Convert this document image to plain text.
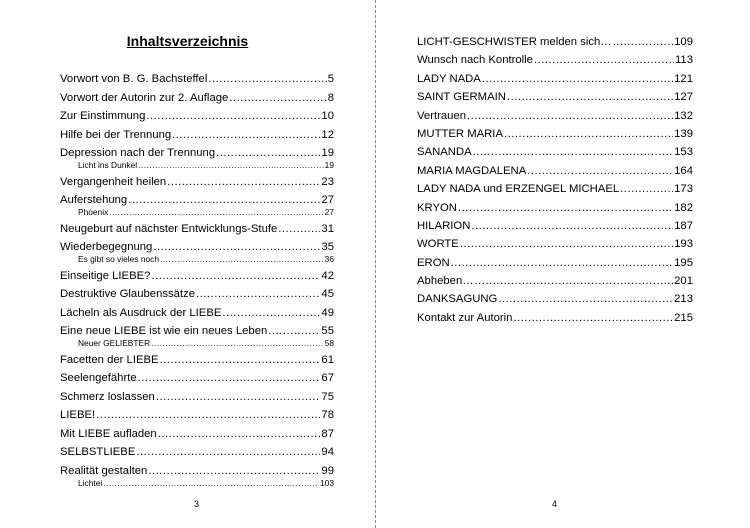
Inhaltsverzeichnis
Vorwort von B. G. Bachsteffel .....	5
Vorwort der Autorin zur 2. Auflage .....	8
Zur Einstimmung .....	10
Hilfe bei der Trennung .....	12
Depression nach der Trennung .....	19
Licht ins Dunkel .....	19
Vergangenheit heilen .....	23
Auferstehung .....	27
Phoenix .....	27
Neugeburt auf nächster Entwicklungs-Stufe .....	31
Wiederbegegnung .....	35
Es gibt so vieles noch .....	36
Einseitige LIEBE? .....	42
Destruktive Glaubenssätze .....	45
Lächeln als Ausdruck der LIEBE .....	49
Eine neue LIEBE ist wie ein neues Leben .....	55
Neuer GELIEBTER .....	58
Facetten der LIEBE .....	61
Seelengefährte .....	67
Schmerz loslassen .....	75
LIEBE! .....	78
Mit LIEBE aufladen .....	87
SELBSTLIEBE .....	94
Realität gestalten .....	99
Lichtei .....	103
3
LICHT-GESCHWISTER melden sich… .....	109
Wunsch nach Kontrolle .....	113
LADY NADA .....	121
SAINT GERMAIN .....	127
Vertrauen .....	132
MUTTER MARIA .....	139
SANANDA .....	153
MARIA MAGDALENA .....	164
LADY NADA und ERZENGEL MICHAEL .....	173
KRYON .....	182
HILARION .....	187
WORTE .....	193
ERON .....	195
Abheben… .....	201
DANKSAGUNG .....	213
Kontakt zur Autorin .....	215
4
